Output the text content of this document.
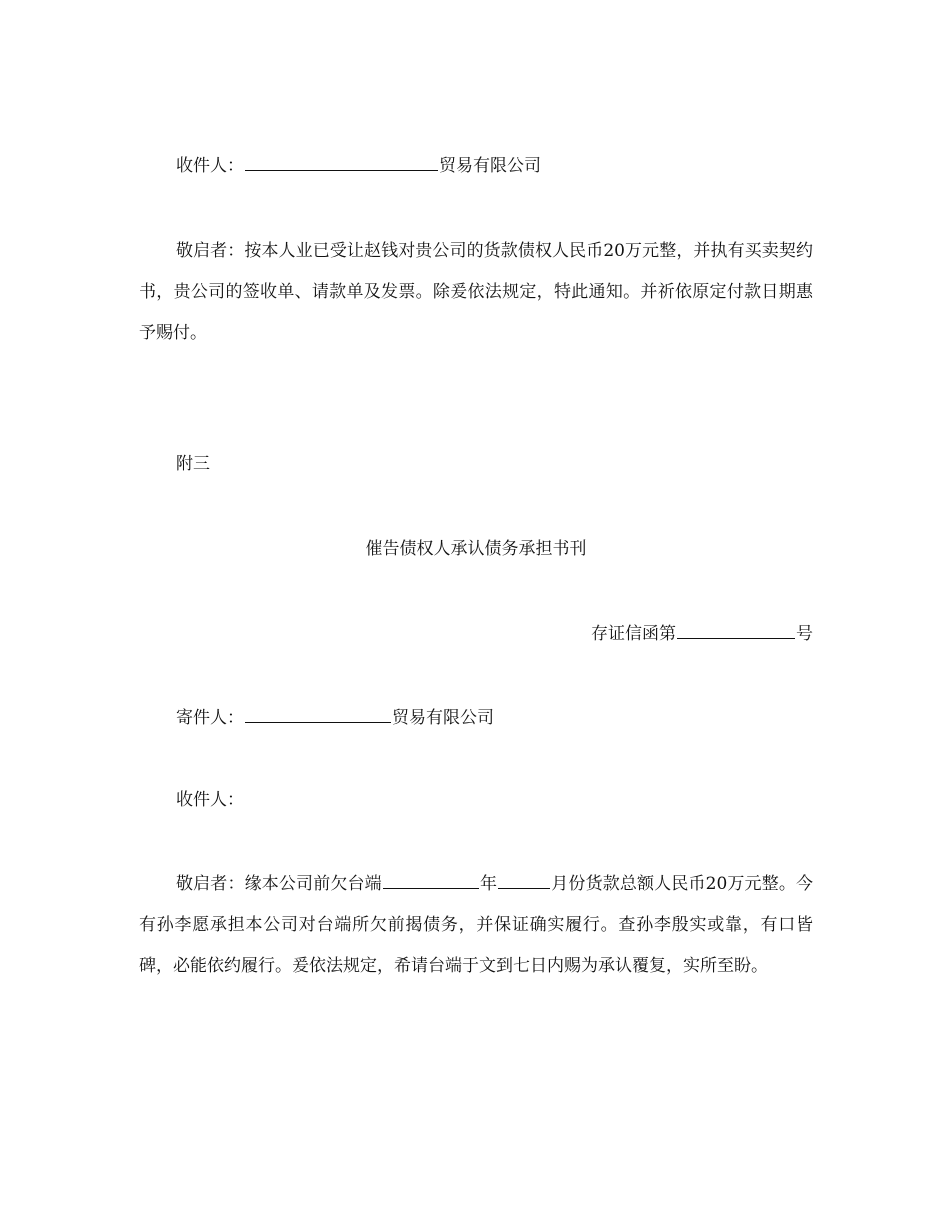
收件人：	贸易有限公司
敬启者：按本人业已受让赵钱对贵公司的货款债权人民币20万元整，并执有买卖契约书，贵公司的签收单、请款单及发票。除爰依法规定，特此通知。并祈依原定付款日期惠予赐付。
附三
催告债权人承认债务承担书刊
存证信函第	号
寄件人：	贸易有限公司
收件人：
敬启者：缘本公司前欠台端	年	月份货款总额人民币20万元整。今有孙李愿承担本公司对台端所欠前揭债务，并保证确实履行。查孙李殷实或靠，有口皆碑，必能依约履行。爰依法规定，希请台端于文到七日内赐为承认覆复，实所至盼。
